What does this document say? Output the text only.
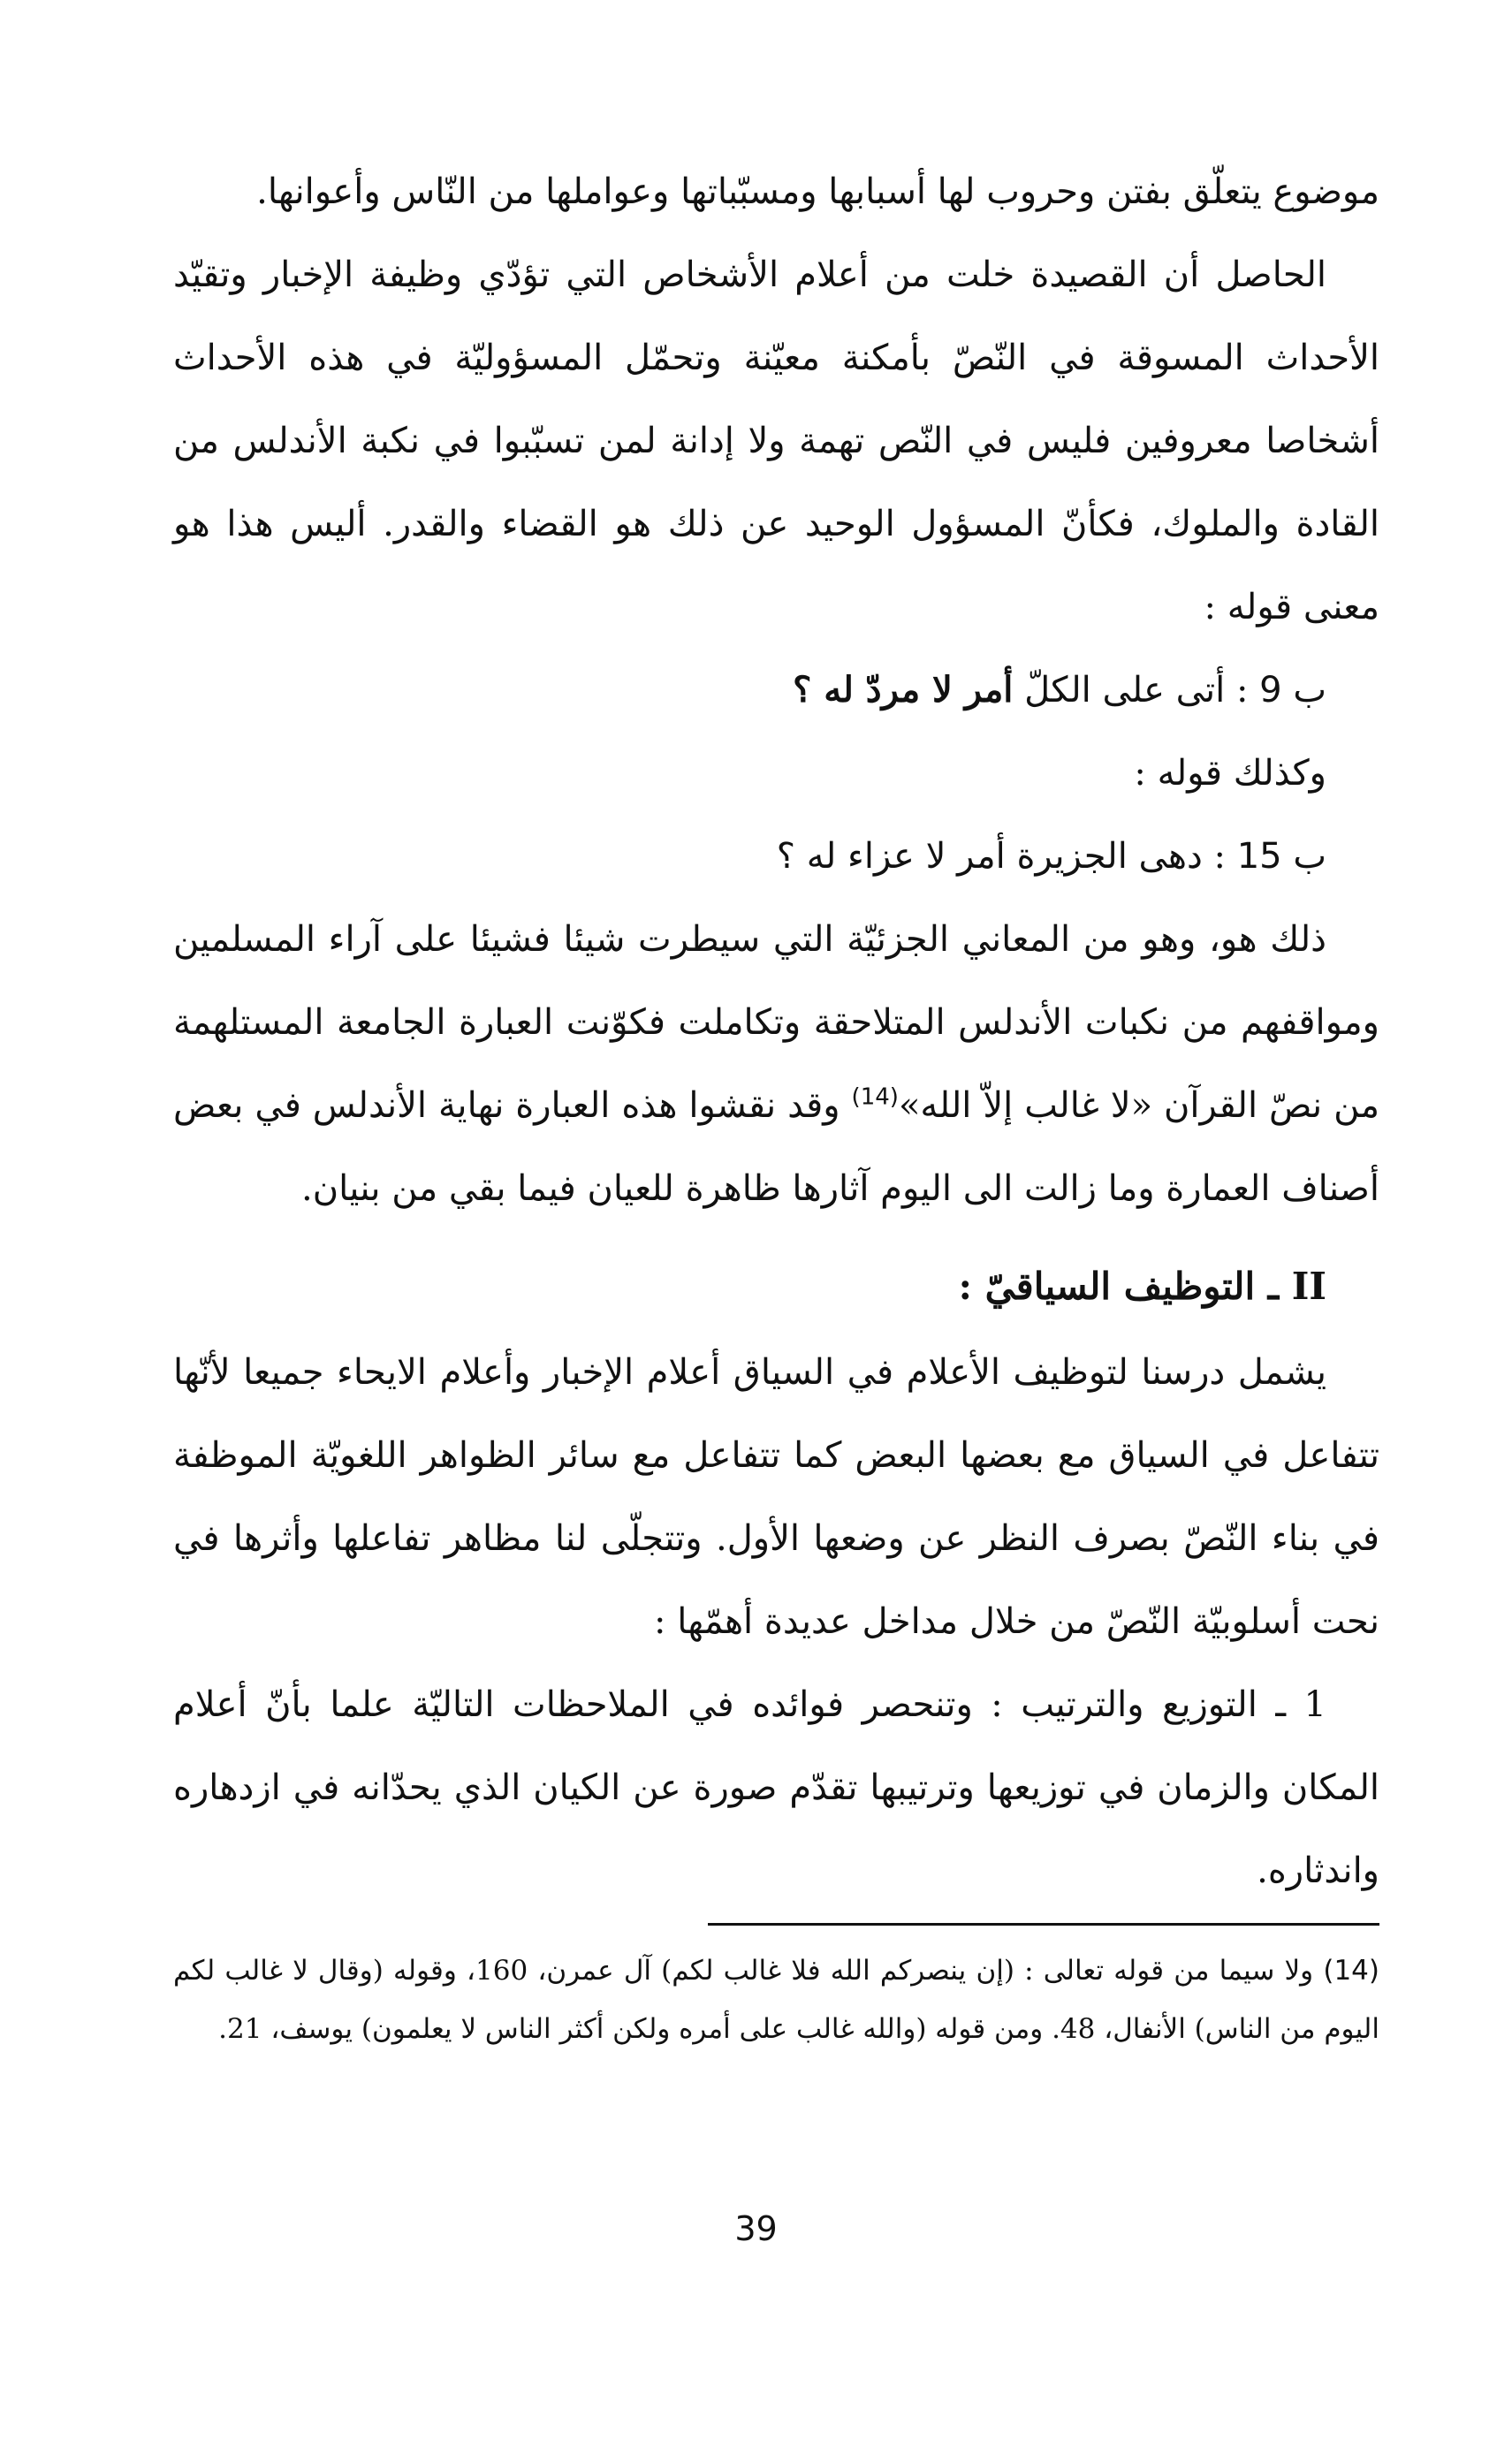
موضوع يتعلّق بفتن وحروب لها أسبابها ومسبّباتها وعواملها من النّاس وأعوانها.

الحاصل أن القصيدة خلت من أعلام الأشخاص التي تؤدّي وظيفة الإخبار وتقيّد الأحداث المسوقة في النّصّ بأمكنة معيّنة وتحمّل المسؤوليّة في هذه الأحداث أشخاصا معروفين فليس في النّص تهمة ولا إدانة لمن تسبّبوا في نكبة الأندلس من القادة والملوك، فكأنّ المسؤول الوحيد عن ذلك هو القضاء والقدر. أليس هذا هو معنى قوله :

ب 9 : أتى على الكلّ أمر لا مردّ له ؟

وكذلك قوله :

ب 15 : دهى الجزيرة أمر لا عزاء له ؟

ذلك هو، وهو من المعاني الجزئيّة التي سيطرت شيئا فشيئا على آراء المسلمين ومواقفهم من نكبات الأندلس المتلاحقة وتكاملت فكوّنت العبارة الجامعة المستلهمة من نصّ القرآن «لا غالب إلاّ الله»$^{(14)}$ وقد نقشوا هذه العبارة نهاية الأندلس في بعض أصناف العمارة وما زالت الى اليوم آثارها ظاهرة للعيان فيما بقي من بنيان.

II ـ التوظيف السياقيّ :

يشمل درسنا لتوظيف الأعلام في السياق أعلام الإخبار وأعلام الايحاء جميعا لأنّها تتفاعل في السياق مع بعضها البعض كما تتفاعل مع سائر الظواهر اللغويّة الموظفة في بناء النّصّ بصرف النظر عن وضعها الأول. وتتجلّى لنا مظاهر تفاعلها وأثرها في نحت أسلوبيّة النّصّ من خلال مداخل عديدة أهمّها :

1 ـ التوزيع والترتيب : وتنحصر فوائده في الملاحظات التاليّة علما بأنّ أعلام المكان والزمان في توزيعها وترتيبها تقدّم صورة عن الكيان الذي يحدّانه في ازدهاره واندثاره.

(14) ولا سيما من قوله تعالى : (إن ينصركم الله فلا غالب لكم) آل عمرن، 160، وقوله (وقال لا غالب لكم اليوم من الناس) الأنفال، 48. ومن قوله (والله غالب على أمره ولكن أكثر الناس لا يعلمون) يوسف، 21.

39
